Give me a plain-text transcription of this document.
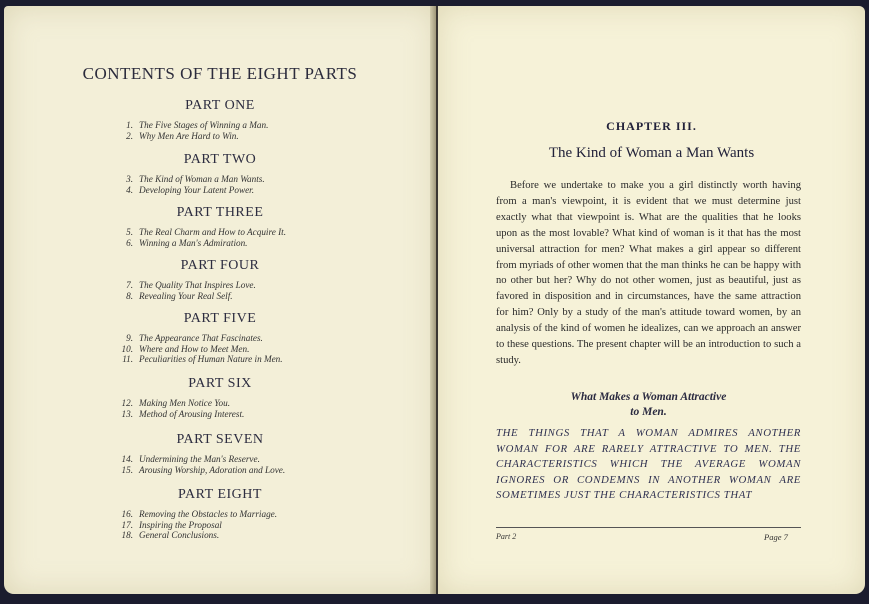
CONTENTS OF THE EIGHT PARTS
PART ONE
1. The Five Stages of Winning a Man.
2. Why Men Are Hard to Win.
PART TWO
3. The Kind of Woman a Man Wants.
4. Developing Your Latent Power.
PART THREE
5. The Real Charm and How to Acquire It.
6. Winning a Man's Admiration.
PART FOUR
7. The Quality That Inspires Love.
8. Revealing Your Real Self.
PART FIVE
9. The Appearance That Fascinates.
10. Where and How to Meet Men.
11. Peculiarities of Human Nature in Men.
PART SIX
12. Making Men Notice You.
13. Method of Arousing Interest.
PART SEVEN
14. Undermining the Man's Reserve.
15. Arousing Worship, Adoration and Love.
PART EIGHT
16. Removing the Obstacles to Marriage.
17. Inspiring the Proposal
18. General Conclusions.
CHAPTER III.
The Kind of Woman a Man Wants
Before we undertake to make you a girl distinctly worth having from a man's viewpoint, it is evident that we must determine just exactly what that viewpoint is. What are the qualities that he looks upon as the most lovable? What kind of woman is it that has the most universal attraction for men? What makes a girl appear so different from myriads of other women that the man thinks he can be happy with no other but her? Why do not other women, just as beautiful, just as favored in disposition and in circumstances, have the same attraction for him? Only by a study of the man's attitude toward women, by an analysis of the kind of women he idealizes, can we approach an answer to these questions. The present chapter will be an introduction to such a study.
What Makes a Woman Attractive
to Men.
THE THINGS THAT A WOMAN ADMIRES ANOTHER WOMAN FOR ARE RARELY ATTRACTIVE TO MEN. THE CHARACTERISTICS WHICH THE AVERAGE WOMAN IGNORES OR CONDEMNS IN ANOTHER WOMAN ARE SOMETIMES JUST THE CHARACTERISTICS THAT
Part 2	Page 7
